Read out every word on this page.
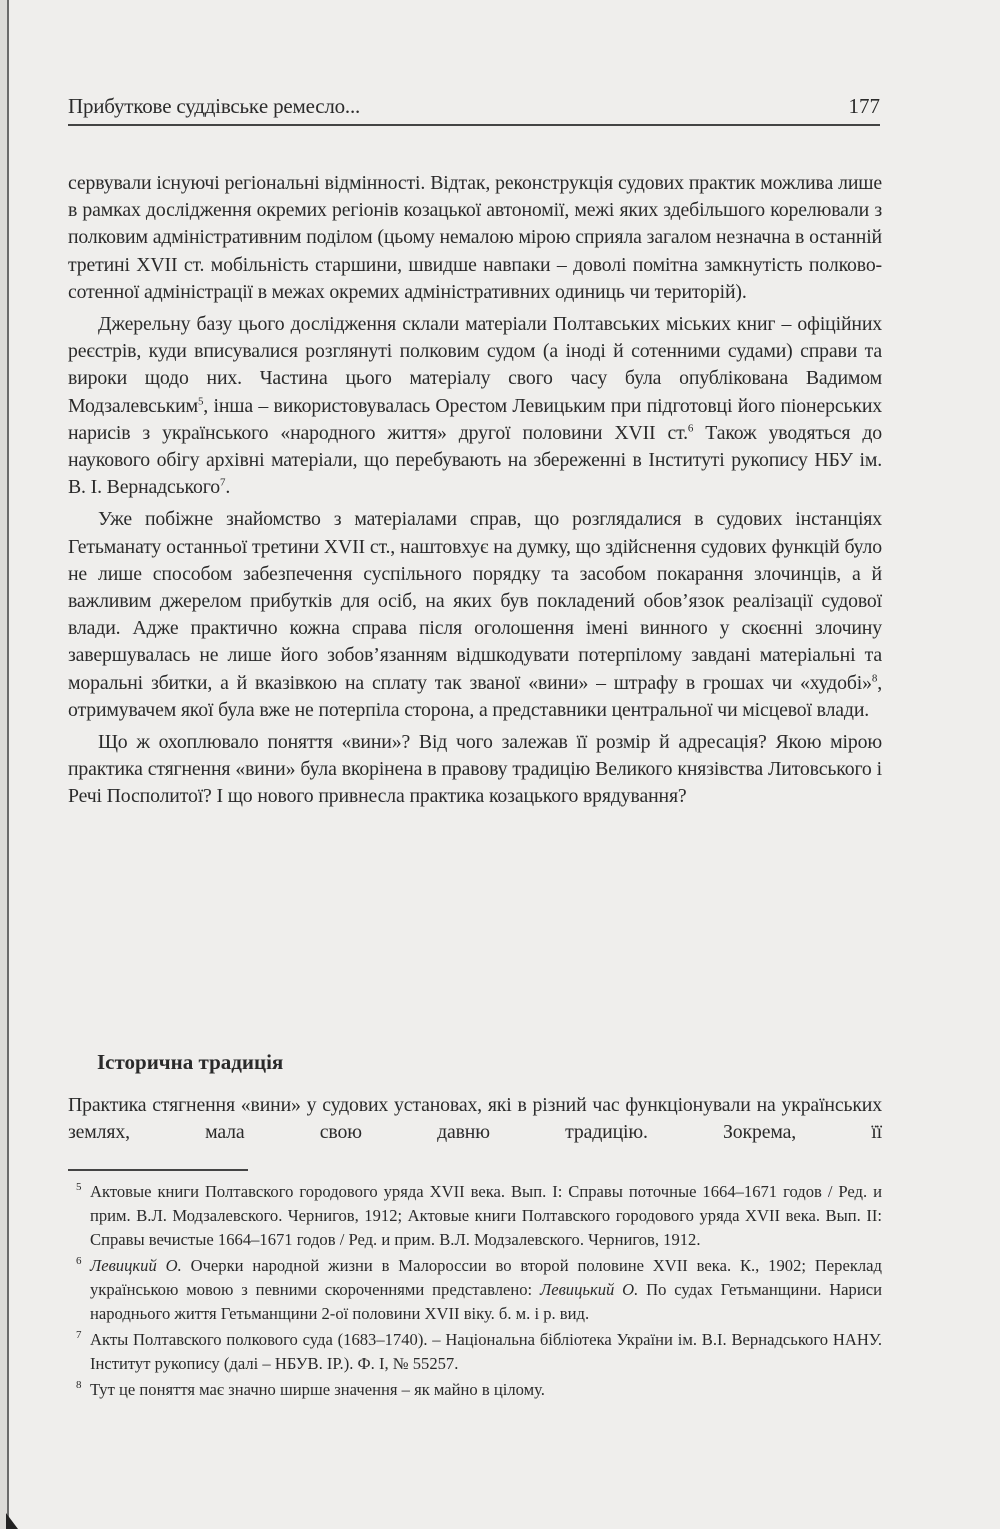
Прибутковe суддівськe ремесло...	177

сервували існуючі регіональні відмінності. Відтак, реконструкція судових практик можлива лише в рамках дослідження окремих регіонів козацької автономії, межі яких здебільшого корелювали з полковим адміністративним поділом (цьому немалою мірою сприяла загалом незначна в останній третині XVII ст. мобільність старшини, швидше навпаки – доволі помітна замкнутість полково-сотенної адміністрації в межах окремих адміністративних одиниць чи територій).

Джерельну базу цього дослідження склали матеріали Полтавських міських книг – офіційних реєстрів, куди вписувалися розглянуті полковим судом (а іноді й сотенними судами) справи та вироки щодо них. Частина цього матеріалу свого часу була опублікована Вадимом Модзалевським$^5$, інша – використовувалась Орестом Левицьким при підготовці його піонерських нарисів з українського «народного життя» другої половини XVII ст.$^6$ Також уводяться до наукового обігу архівні матеріали, що перебувають на збереженні в Інституті рукопису НБУ ім. В. І. Вернадського$^7$.

Уже побіжне знайомство з матеріалами справ, що розглядалися в судових інстанціях Гетьманату останньої третини XVII ст., наштовхує на думку, що здійснення судових функцій було не лише способом забезпечення суспільного порядку та засобом покарання злочинців, а й важливим джерелом прибутків для осіб, на яких був покладений обов’язок реалізації судової влади. Адже практично кожна справа після оголошення імені винного у скоєнні злочину завершувалась не лише його зобов’язанням відшкодувати потерпілому завдані матеріальні та моральні збитки, а й вказівкою на сплату так званої «вини» – штрафу в грошах чи «худобі»$^8$, отримувачем якої була вже не потерпіла сторона, а представники центральної чи місцевої влади.

Що ж охоплювало поняття «вини»? Від чого залежав її розмір й адресація? Якою мірою практика стягнення «вини» була вкорінена в правову традицію Великого князівства Литовського і Речі Посполитої? І що нового привнесла практика козацького врядування?

Історична традиція
Практика стягнення «вини» у судових установах, які в різний час функціонували на українських землях, мала свою давню традицію. Зокрема, її

5 Актовые книги Полтавского городового уряда XVII века. Вып. I: Справы поточные 1664–1671 годов / Ред. и прим. В.Л. Модзалевского. Чернигов, 1912; Актовые книги Полтавского городового уряда XVII века. Вып. II: Справы вечистые 1664–1671 годов / Ред. и прим. В.Л. Модзалевского. Чернигов, 1912.

6 Левицкий О. Очерки народной жизни в Малороссии во второй половине XVII века. К., 1902; Переклад українською мовою з певними скороченнями представлено: Левицький О. По судах Гетьманщини. Нариси народнього життя Гетьманщини 2-ої половини XVII віку. б. м. і р. вид.

7 Акты Полтавского полкового суда (1683–1740). – Національна бібліотека України ім. В.І. Вернадського НАНУ. Інститут рукопису (далі – НБУВ. ІР.). Ф. І, № 55257.

8 Тут це поняття має значно ширше значення – як майно в цілому.
